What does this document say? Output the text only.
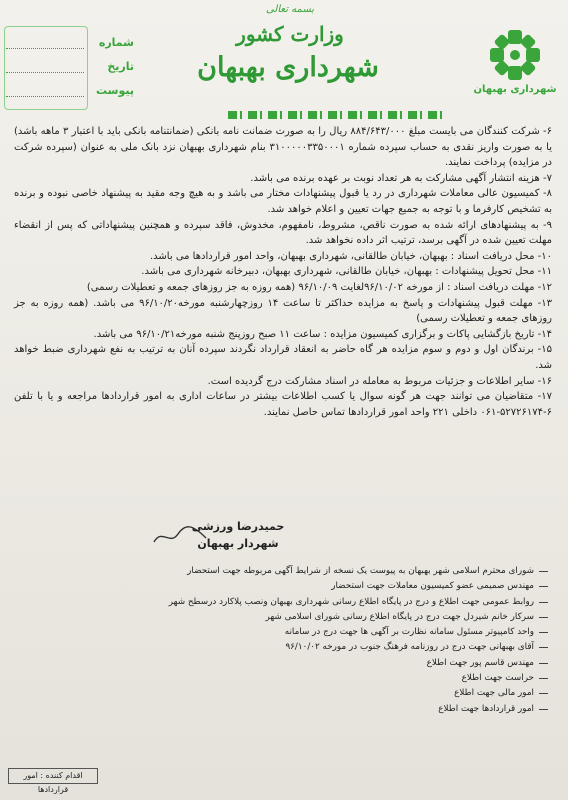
شماره
تاریخ
پیوست
بسمه تعالی
وزارت کشور
شهرداری بهبهان
شهرداری بهبهان

۶- شرکت کنندگان می بایست مبلغ ۸۸۴/۶۴۳/۰۰۰ ریال را به صورت ضمانت نامه بانکی (ضمانتنامه بانکی باید با اعتبار ۳ ماهه باشد) یا به صورت واریز نقدی به حساب سپرده شماره ۳۱۰۰۰۰۰۳۳۵۰۰۰۱ بنام شهرداری بهبهان نزد بانک ملی به عنوان (سپرده شرکت در مزایده) پرداخت نمایند.

۷- هزینه انتشار آگهی مشارکت به هر تعداد نوبت بر عهده برنده می باشد.

۸- کمیسیون عالی معاملات شهرداری در رد یا قبول پیشنهادات مختار می باشد و به هیچ وجه مقید به پیشنهاد خاصی نبوده و برنده به تشخیص کارفرما و با توجه به جمیع جهات تعیین و اعلام خواهد شد.

۹- به پیشنهادهای ارائه شده به صورت ناقص، مشروط، نامفهوم، مخدوش، فاقد سپرده و همچنین پیشنهاداتی که پس از انقضاء مهلت تعیین شده در آگهی برسد، ترتیب اثر داده نخواهد شد.

۱۰- محل دریافت اسناد : بهبهان، خیابان طالقانی، شهرداری بهبهان، واحد امور قراردادها می باشد.

۱۱- محل تحویل پیشنهادات : بهبهان، خیابان طالقانی، شهرداری بهبهان، دبیرخانه شهرداری می باشد.

۱۲- مهلت دریافت اسناد : از مورخه ۹۶/۱۰/۰۲لغایت ۹۶/۱۰/۰۹ (همه روزه به جز روزهای جمعه و تعطیلات رسمی)

۱۳- مهلت قبول پیشنهادات و پاسخ به مزایده حداکثر تا ساعت ۱۴ روزچهارشنبه مورخه۹۶/۱۰/۲۰ می باشد. (همه روزه به جز روزهای جمعه و تعطیلات رسمی)

۱۴- تاریخ بازگشایی پاکات و برگزاری کمیسیون مزایده : ساعت ۱۱ صبح روزپنج شنبه مورخه۹۶/۱۰/۲۱ می باشد.

۱۵- برندگان اول و دوم و سوم مزایده هر گاه حاضر به انعقاد قرارداد نگردند سپرده آنان به ترتیب به نفع شهرداری ضبط خواهد شد.

۱۶- سایر اطلاعات و جزئیات مربوط به معامله در اسناد مشارکت درج گردیده است.

۱۷- متقاضیان می توانند جهت هر گونه سوال یا کسب اطلاعات بیشتر در ساعات اداری به امور قراردادها مراجعه و یا با تلفن ۶-۵۲۷۲۶۱۷۴-۰۶۱ داخلی ۲۲۱ واحد امور قراردادها تماس حاصل نمایند.

حمیدرضا ورزشی
شهردار بهبهان

شورای محترم اسلامی شهر بهبهان به پیوست یک نسخه از شرایط آگهی مربوطه جهت استحضار

مهندس صمیمی عضو کمیسیون معاملات جهت استحضار

روابط عمومی جهت اطلاع و درج در پایگاه اطلاع رسانی شهرداری بهبهان ونصب پلاکارد درسطح شهر

سرکار خانم شیردل جهت درج در پایگاه اطلاع رسانی شورای اسلامی شهر

واحد کامپیوتر مسئول سامانه نظارت بر آگهی ها جهت درج در سامانه

آقای بهبهانی جهت درج در روزنامه فرهنگ جنوب در مورخه ۹۶/۱۰/۰۲

مهندس قاسم پور جهت اطلاع

حراست جهت اطلاع

امور مالی جهت اطلاع

امور قراردادها جهت اطلاع

اقدام کننده : امور قراردادها
